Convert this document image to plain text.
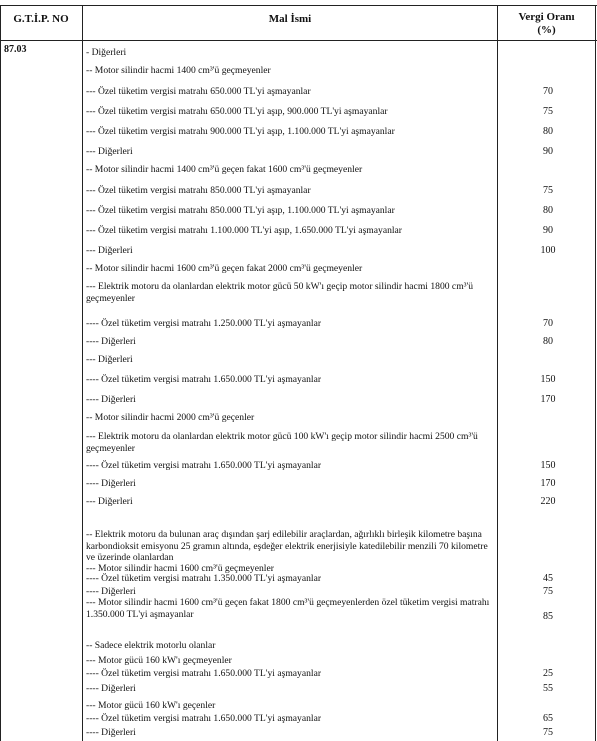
G.T.İ.P. NO	Mal İsmi	Vergi Oranı
(%)
87.03	- Diğerleri
-- Motor silindir hacmi 1400 cm³'ü geçmeyenler
--- Özel tüketim vergisi matrahı 650.000 TL'yi aşmayanlar	70
--- Özel tüketim vergisi matrahı 650.000 TL'yi aşıp, 900.000 TL'yi aşmayanlar	75
--- Özel tüketim vergisi matrahı 900.000 TL'yi aşıp, 1.100.000 TL'yi aşmayanlar	80
--- Diğerleri	90
-- Motor silindir hacmi 1400 cm³'ü geçen fakat 1600 cm³'ü geçmeyenler
--- Özel tüketim vergisi matrahı 850.000 TL'yi aşmayanlar	75
--- Özel tüketim vergisi matrahı 850.000 TL'yi aşıp, 1.100.000 TL'yi aşmayanlar	80
--- Özel tüketim vergisi matrahı 1.100.000 TL'yi aşıp, 1.650.000 TL'yi aşmayanlar	90
--- Diğerleri	100
-- Motor silindir hacmi 1600 cm³'ü geçen fakat 2000 cm³'ü geçmeyenler
--- Elektrik motoru da olanlardan elektrik motor gücü 50 kW'ı geçip motor silindir hacmi 1800 cm³'ü geçmeyenler
---- Özel tüketim vergisi matrahı 1.250.000 TL'yi aşmayanlar	70
---- Diğerleri	80
--- Diğerleri
---- Özel tüketim vergisi matrahı 1.650.000 TL'yi aşmayanlar	150
---- Diğerleri	170
-- Motor silindir hacmi 2000 cm³'ü geçenler
--- Elektrik motoru da olanlardan elektrik motor gücü 100 kW'ı geçip motor silindir hacmi 2500 cm³'ü geçmeyenler
---- Özel tüketim vergisi matrahı 1.650.000 TL'yi aşmayanlar	150
---- Diğerleri	170
--- Diğerleri	220
-- Elektrik motoru da bulunan araç dışından şarj edilebilir araçlardan, ağırlıklı birleşik kilometre başına karbondioksit emisyonu 25 gramın altında, eşdeğer elektrik enerjisiyle katedilebilir menzili 70 kilometre ve üzerinde olanlardan
--- Motor silindir hacmi 1600 cm³'ü geçmeyenler
---- Özel tüketim vergisi matrahı 1.350.000 TL'yi aşmayanlar	45
---- Diğerleri	75
--- Motor silindir hacmi 1600 cm³'ü geçen fakat 1800 cm³'ü geçmeyenlerden özel tüketim vergisi matrahı 1.350.000 TL'yi aşmayanlar	85
-- Sadece elektrik motorlu olanlar
--- Motor gücü 160 kW'ı geçmeyenler
---- Özel tüketim vergisi matrahı 1.650.000 TL'yi aşmayanlar	25
---- Diğerleri	55
--- Motor gücü 160 kW'ı geçenler
---- Özel tüketim vergisi matrahı 1.650.000 TL'yi aşmayanlar	65
---- Diğerleri	75
